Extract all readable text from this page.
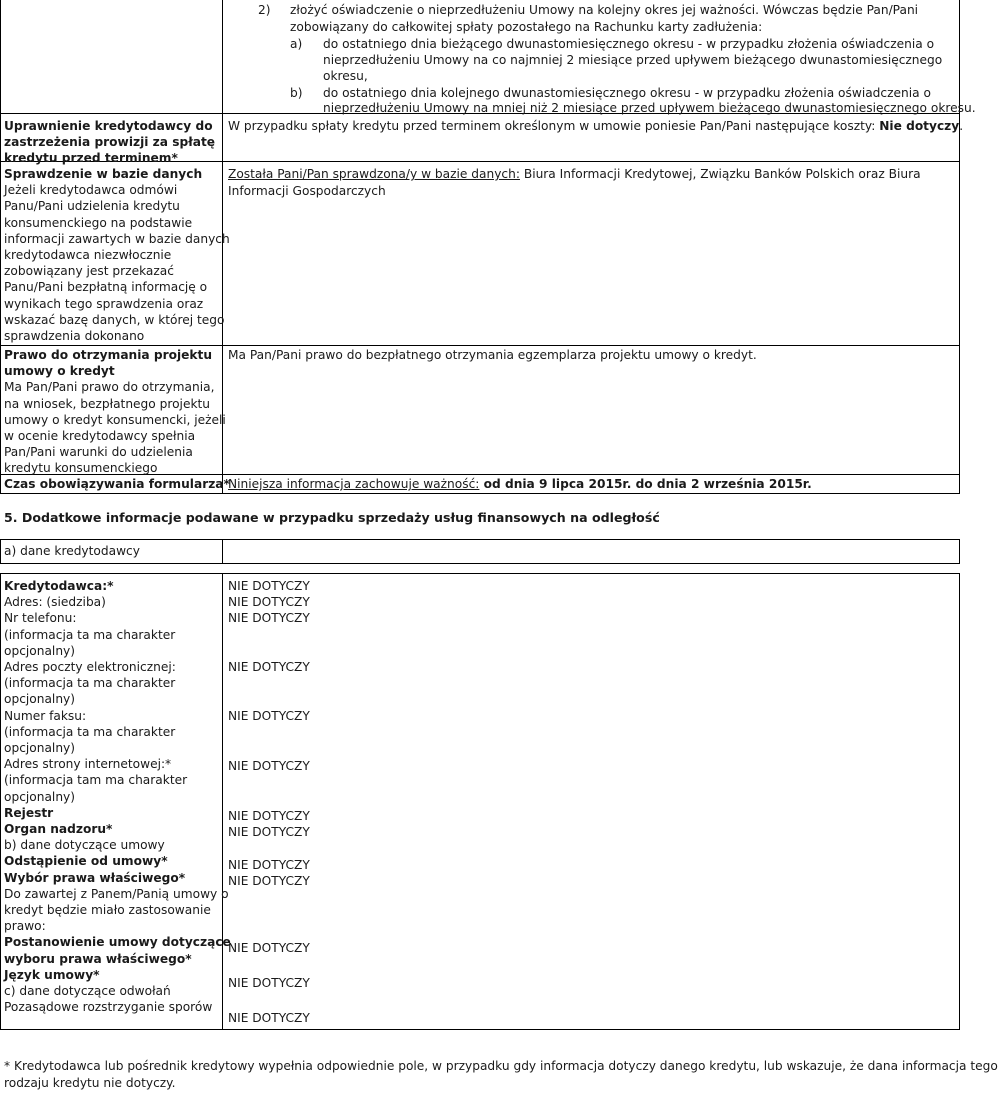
2) złożyć oświadczenie o nieprzedłużeniu Umowy na kolejny okres jej ważności. Wówczas będzie Pan/Pani
zobowiązany do całkowitej spłaty pozostałego na Rachunku karty zadłużenia:
a) do ostatniego dnia bieżącego dwunastomiesięcznego okresu - w przypadku złożenia oświadczenia o
nieprzedłużeniu Umowy na co najmniej 2 miesiące przed upływem bieżącego dwunastomiesięcznego
okresu,
b) do ostatniego dnia kolejnego dwunastomiesięcznego okresu - w przypadku złożenia oświadczenia o
nieprzedłużeniu Umowy na mniej niż 2 miesiące przed upływem bieżącego dwunastomiesięcznego okresu.
Uprawnienie kredytodawcy do
zastrzeżenia prowizji za spłatę
kredytu przed terminem*
W przypadku spłaty kredytu przed terminem określonym w umowie poniesie Pan/Pani następujące koszty: Nie dotyczy.
Sprawdzenie w bazie danych
Jeżeli kredytodawca odmówi
Panu/Pani udzielenia kredytu
konsumenckiego na podstawie
informacji zawartych w bazie danych
kredytodawca niezwłocznie
zobowiązany jest przekazać
Panu/Pani bezpłatną informację o
wynikach tego sprawdzenia oraz
wskazać bazę danych, w której tego
sprawdzenia dokonano
Została Pani/Pan sprawdzona/y w bazie danych: Biura Informacji Kredytowej, Związku Banków Polskich oraz Biura
Informacji Gospodarczych
Prawo do otrzymania projektu
umowy o kredyt
Ma Pan/Pani prawo do otrzymania,
na wniosek, bezpłatnego projektu
umowy o kredyt konsumencki, jeżeli
w ocenie kredytodawcy spełnia
Pan/Pani warunki do udzielenia
kredytu konsumenckiego
Ma Pan/Pani prawo do bezpłatnego otrzymania egzemplarza projektu umowy o kredyt.
Czas obowiązywania formularza*
Niniejsza informacja zachowuje ważność: od dnia 9 lipca 2015r. do dnia 2 września 2015r.
5. Dodatkowe informacje podawane w przypadku sprzedaży usług finansowych na odległość
a) dane kredytodawcy
Kredytodawca:*
Adres: (siedziba)
Nr telefonu:
(informacja ta ma charakter
opcjonalny)
Adres poczty elektronicznej:
(informacja ta ma charakter
opcjonalny)
Numer faksu:
(informacja ta ma charakter
opcjonalny)
Adres strony internetowej:*
(informacja tam ma charakter
opcjonalny)
Rejestr
Organ nadzoru*
b) dane dotyczące umowy
Odstąpienie od umowy*
Wybór prawa właściwego*
Do zawartej z Panem/Panią umowy o
kredyt będzie miało zastosowanie
prawo:
Postanowienie umowy dotyczące
wyboru prawa właściwego*
Język umowy*
c) dane dotyczące odwołań
Pozasądowe rozstrzyganie sporów
NIE DOTYCZY
NIE DOTYCZY
NIE DOTYCZY
NIE DOTYCZY
NIE DOTYCZY
NIE DOTYCZY
NIE DOTYCZY
NIE DOTYCZY
NIE DOTYCZY
NIE DOTYCZY
NIE DOTYCZY
NIE DOTYCZY
NIE DOTYCZY
* Kredytodawca lub pośrednik kredytowy wypełnia odpowiednie pole, w przypadku gdy informacja dotyczy danego kredytu, lub wskazuje, że dana informacja tego
rodzaju kredytu nie dotyczy.
